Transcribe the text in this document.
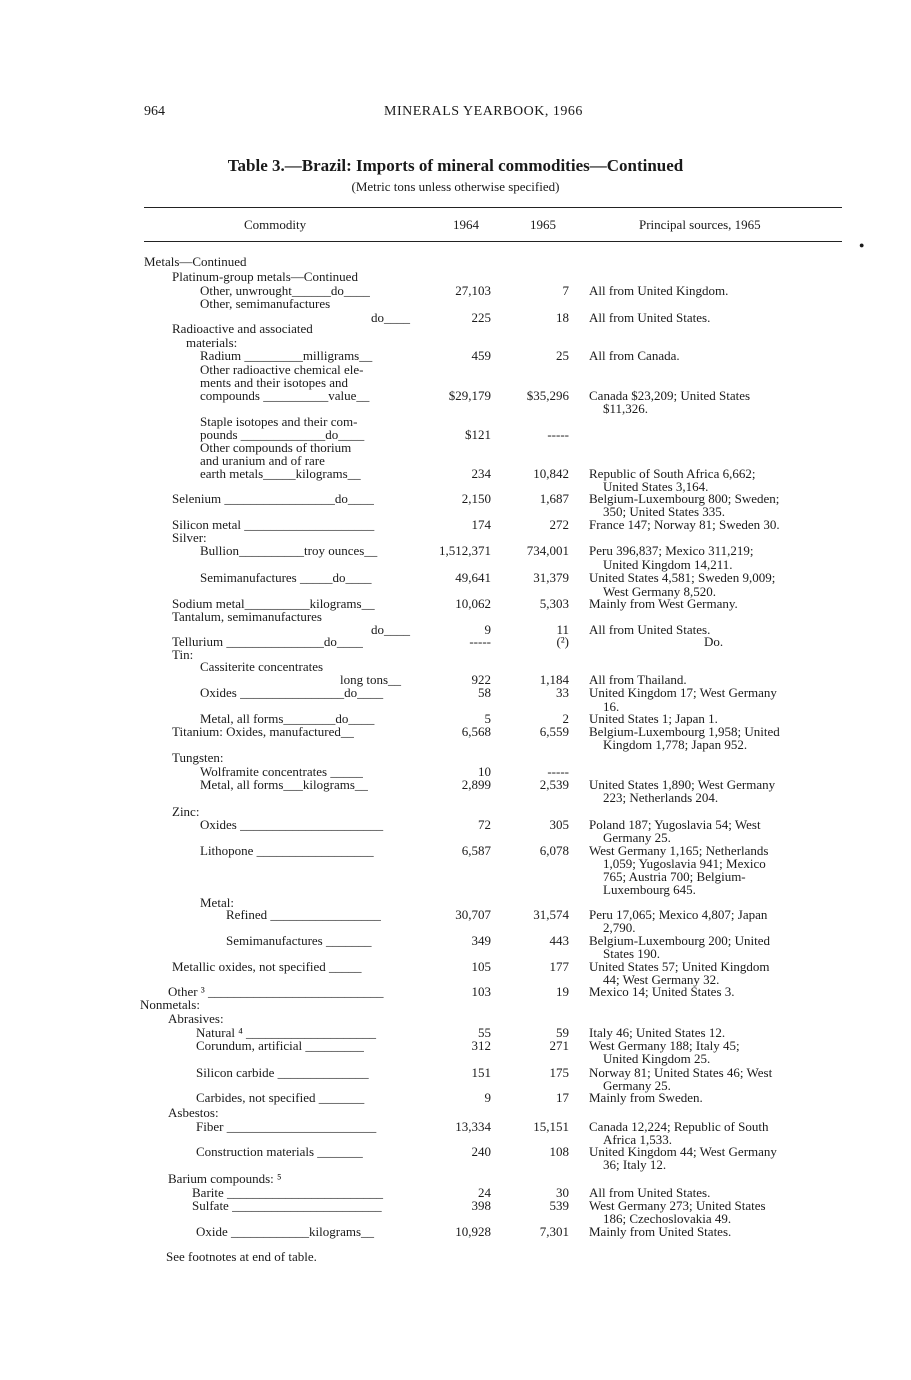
964	MINERALS YEARBOOK, 1966
Table 3.—Brazil: Imports of mineral commodities—Continued
(Metric tons unless otherwise specified)
Commodity	1964	1965	Principal sources, 1965
●
Metals—Continued
Platinum-group metals—Continued
Other, unwrought______do____	27,103	7 All from United Kingdom.
Other, semimanufactures
do____	225	18 All from United States.
Radioactive and associated
materials:
Radium _________milligrams__	459	25 All from Canada.
Other radioactive chemical ele-
ments and their isotopes and
compounds __________value__	$29,179	$35,296 Canada $23,209; United States
$11,326.
Staple isotopes and their com-
pounds _____________do____	$121	-----
Other compounds of thorium
and uranium and of rare
earth metals_____kilograms__	234	10,842 Republic of South Africa 6,662;
United States 3,164.
Selenium _________________do____	2,150	1,687 Belgium-Luxembourg 800; Sweden;
350; United States 335.
Silicon metal ____________________	174	272 France 147; Norway 81; Sweden 30.
Silver:
Bullion__________troy ounces__	1,512,371	734,001 Peru 396,837; Mexico 311,219;
United Kingdom 14,211.
Semimanufactures _____do____	49,641	31,379 United States 4,581; Sweden 9,009;
West Germany 8,520.
Sodium metal__________kilograms__	10,062	5,303 Mainly from West Germany.
Tantalum, semimanufactures
do____	9	11 All from United States.
Tellurium _______________do____	-----	(²)	Do.
Tin:
Cassiterite concentrates
long tons__	922	1,184 All from Thailand.
Oxides ________________do____	58	33 United Kingdom 17; West Germany
16.
Metal, all forms________do____	5	2 United States 1; Japan 1.
Titanium: Oxides, manufactured__	6,568	6,559 Belgium-Luxembourg 1,958; United
Kingdom 1,778; Japan 952.
Tungsten:
Wolframite concentrates _____	10	-----
Metal, all forms___kilograms__	2,899	2,539 United States 1,890; West Germany
223; Netherlands 204.
Zinc:
Oxides ______________________	72	305 Poland 187; Yugoslavia 54; West
Germany 25.
Lithopone __________________	6,587	6,078 West Germany 1,165; Netherlands
1,059; Yugoslavia 941; Mexico
765; Austria 700; Belgium-
Luxembourg 645.
Metal:
Refined _________________	30,707	31,574 Peru 17,065; Mexico 4,807; Japan
2,790.
Semimanufactures _______	349	443 Belgium-Luxembourg 200; United
States 190.
Metallic oxides, not specified _____	105	177 United States 57; United Kingdom
44; West Germany 32.
Other ³ ___________________________	103	19 Mexico 14; United States 3.
Nonmetals:
Abrasives:
Natural ⁴ ____________________	55	59 Italy 46; United States 12.
Corundum, artificial _________	312	271 West Germany 188; Italy 45;
United Kingdom 25.
Silicon carbide ______________	151	175 Norway 81; United States 46; West
Germany 25.
Carbides, not specified _______	9	17 Mainly from Sweden.
Asbestos:
Fiber _______________________	13,334	15,151 Canada 12,224; Republic of South
Africa 1,533.
Construction materials _______	240	108 United Kingdom 44; West Germany
36; Italy 12.
Barium compounds: ⁵
Barite ________________________	24	30 All from United States.
Sulfate _______________________	398	539 West Germany 273; United States
186; Czechoslovakia 49.
Oxide ____________kilograms__	10,928	7,301 Mainly from United States.
See footnotes at end of table.
